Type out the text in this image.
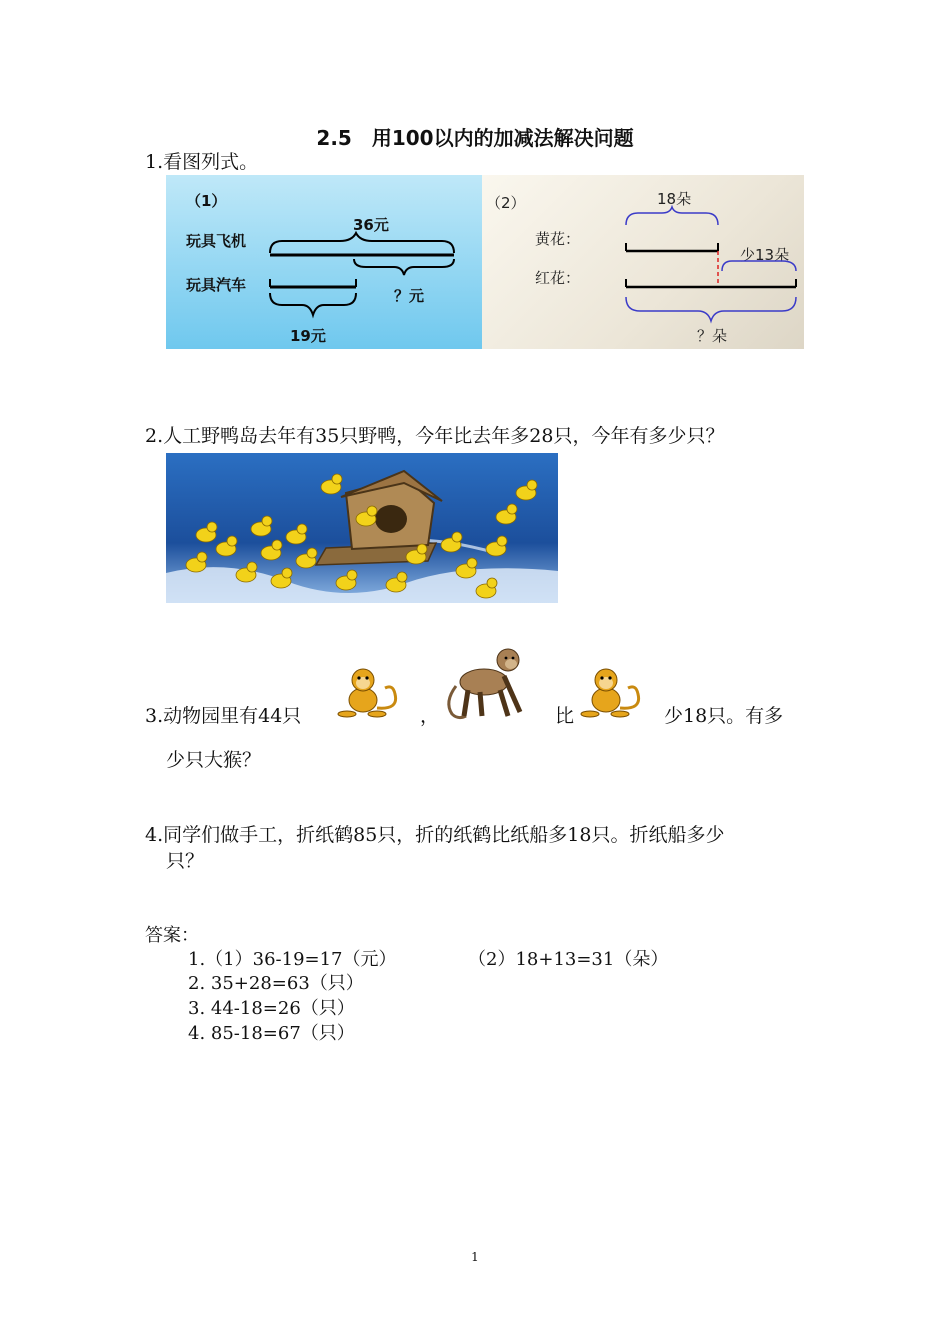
2.5　用100以内的加减法解决问题
1.看图列式。
（1）
玩具飞机
玩具汽车
36元
？元
19元
（2）
黄花：
红花：
18朵
少13朵
？朵
2.人工野鸭岛去年有35只野鸭，今年比去年多28只，今年有多少只？
3.动物园里有44只	，	比	少18只。有多
少只大猴？
4.同学们做手工，折纸鹤85只，折的纸鹤比纸船多18只。折纸船多少
只？
答案：
1.（1）36-19=17（元）	（2）18+13=31（朵）
2. 35+28=63（只）
3. 44-18=26（只）
4. 85-18=67（只）
1
